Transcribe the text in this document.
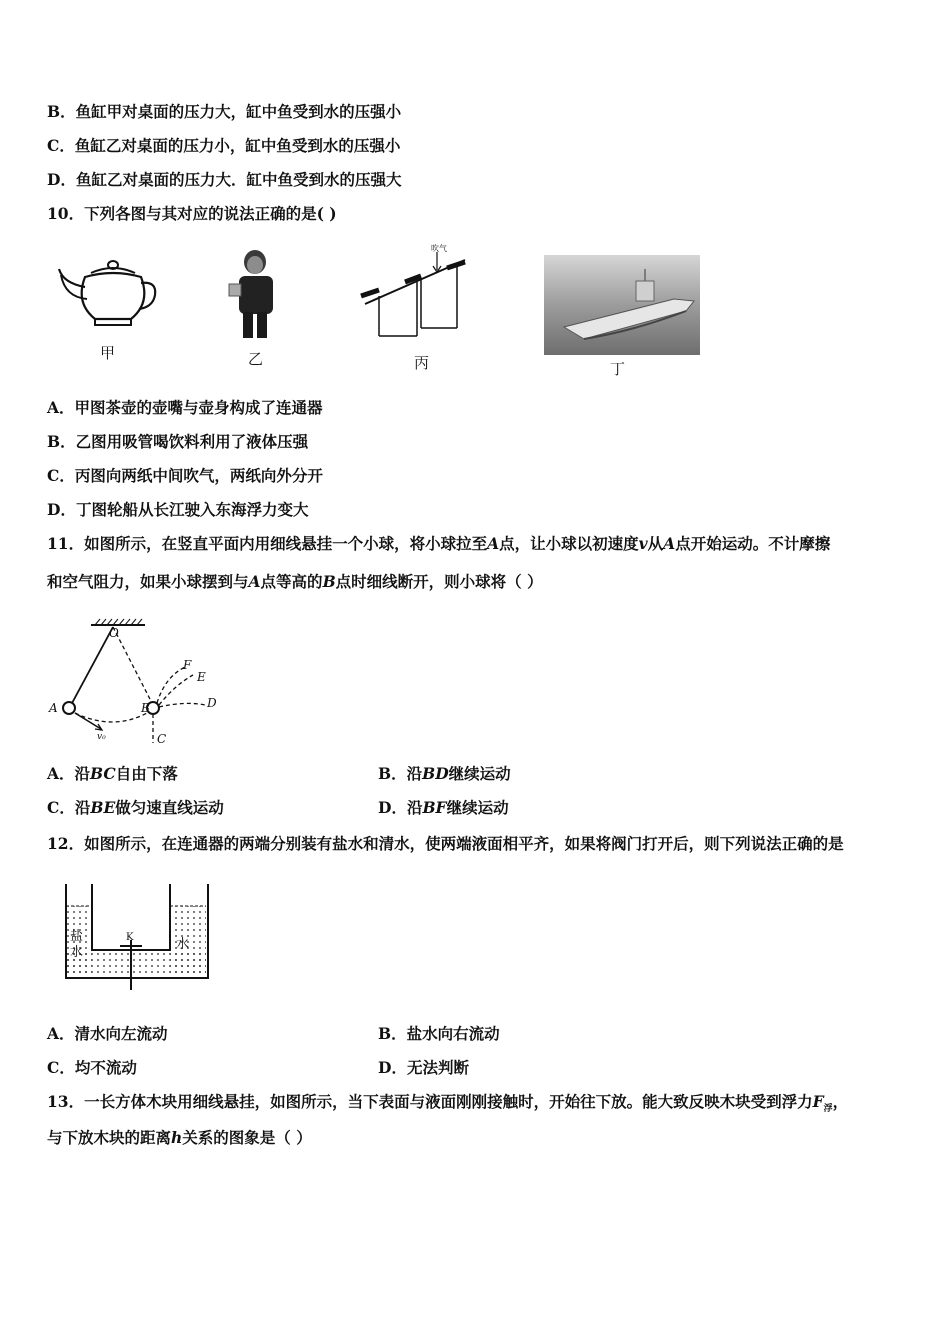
B．鱼缸甲对桌面的压力大，缸中鱼受到水的压强小
C．鱼缸乙对桌面的压力小，缸中鱼受到水的压强小
D．鱼缸乙对桌面的压力大．缸中鱼受到水的压强大
10．下列各图与其对应的说法正确的是( )
甲	乙
吹气
丙	丁
A．甲图茶壶的壶嘴与壶身构成了连通器
B．乙图用吸管喝饮料利用了液体压强
C．丙图向两纸中间吹气，两纸向外分开
D．丁图轮船从长江驶入东海浮力变大
11．如图所示，在竖直平面内用细线悬挂一个小球，将小球拉至A点，让小球以初速度v从A点开始运动。不计摩擦
和空气阻力，如果小球摆到与A点等高的B点时细线断开，则小球将（ ）
O
A	B
C
D
E
F
v₀
A．沿BC自由下落	B．沿BD继续运动
C．沿BE做匀速直线运动	D．沿BF继续运动
12．如图所示，在连通器的两端分别装有盐水和清水，使两端液面相平齐，如果将阀门打开后，则下列说法正确的是
盐
水
K	水
A．清水向左流动	B．盐水向右流动
C．均不流动	D．无法判断
13．一长方体木块用细线悬挂，如图所示，当下表面与液面刚刚接触时，开始往下放。能大致反映木块受到浮力$F_浮$，
与下放木块的距离h关系的图象是（ ）
